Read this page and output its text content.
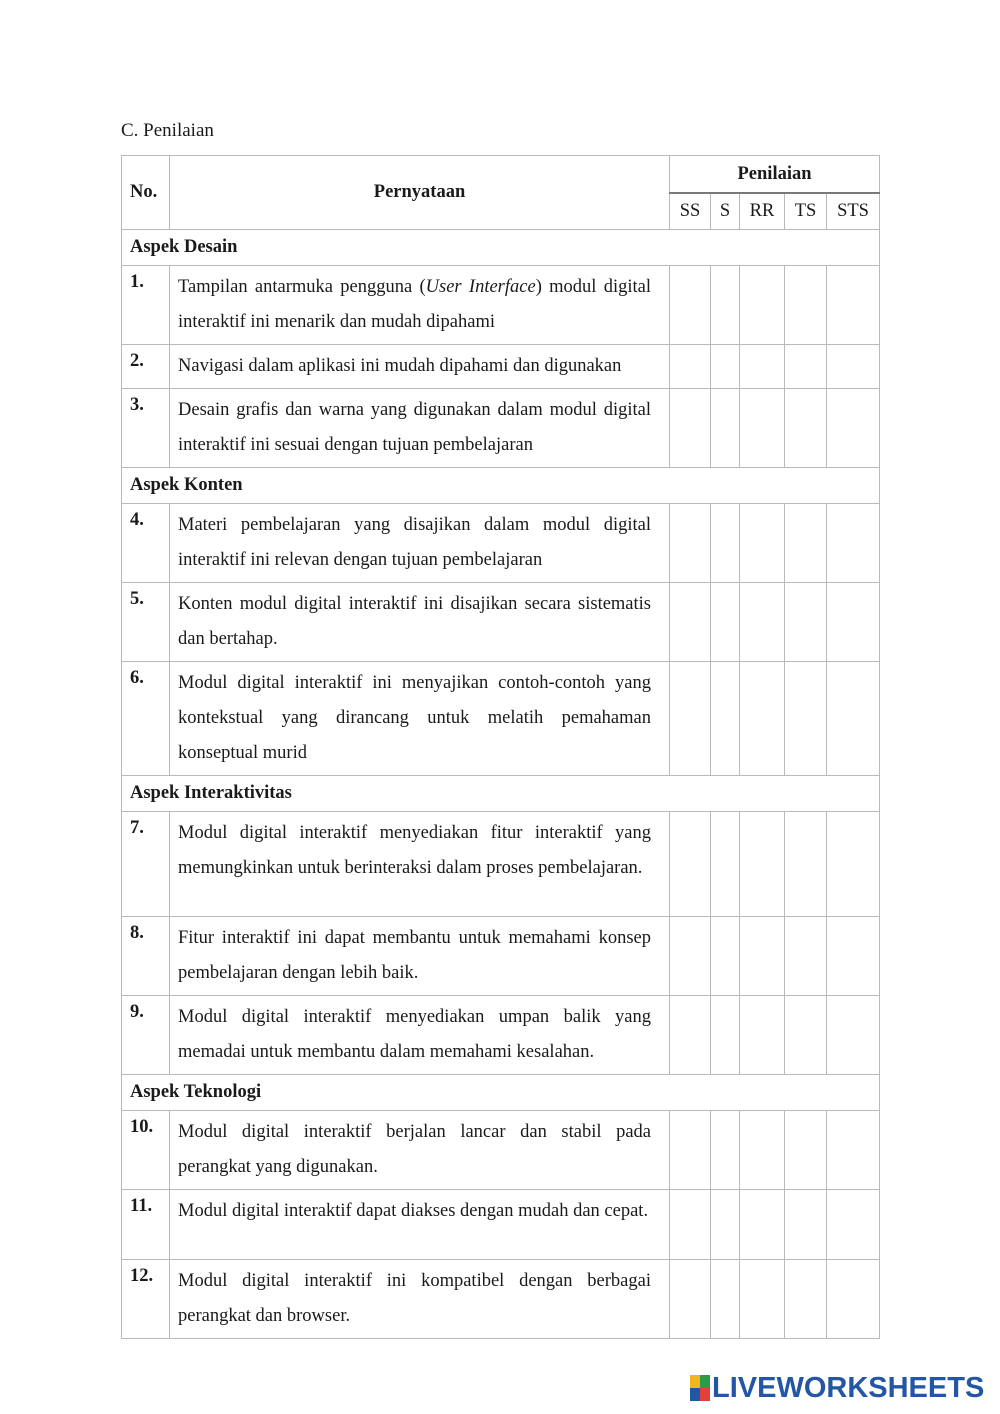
C. Penilaian
No.	Pernyataan	Penilaian				
		SS	S	RR	TS	STS
Aspek Desain						
1.	Tampilan antarmuka pengguna (User Interface) modul digital interaktif ini menarik dan mudah dipahami					
2.	Navigasi dalam aplikasi ini mudah dipahami dan digunakan					
3.	Desain grafis dan warna yang digunakan dalam modul digital interaktif ini sesuai dengan tujuan pembelajaran					
Aspek Konten						
4.	Materi pembelajaran yang disajikan dalam modul digital interaktif ini relevan dengan tujuan pembelajaran					
5.	Konten modul digital interaktif ini disajikan secara sistematis dan bertahap.					
6.	Modul digital interaktif ini menyajikan contoh-contoh yang kontekstual yang dirancang untuk melatih pemahaman konseptual murid					
Aspek Interaktivitas						
7.	Modul digital interaktif menyediakan fitur interaktif yang memungkinkan untuk berinteraksi dalam proses pembelajaran.					
8.	Fitur interaktif ini dapat membantu untuk memahami konsep pembelajaran dengan lebih baik.					
9.	Modul digital interaktif menyediakan umpan balik yang memadai untuk membantu dalam memahami kesalahan.					
Aspek Teknologi						
10.	Modul digital interaktif berjalan lancar dan stabil pada perangkat yang digunakan.					
11.	Modul digital interaktif dapat diakses dengan mudah dan cepat.					
12.	Modul digital interaktif ini kompatibel dengan berbagai perangkat dan browser.					
LIVEWORKSHEETS
